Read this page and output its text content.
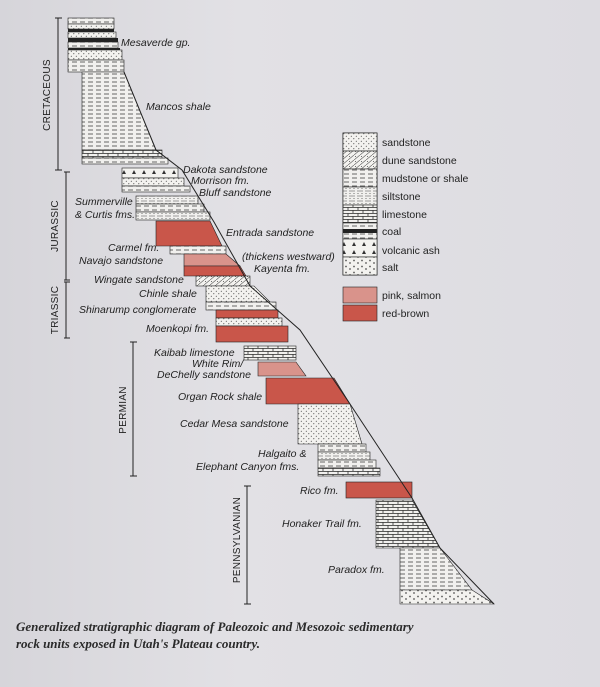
CRETACEOUS
JURASSIC
TRIASSIC
PERMIAN
PENNSYLVANIAN
Mesaverde gp.
Mancos shale
Dakota sandstone
Morrison fm.
Bluff sandstone
Summerville
& Curtis fms.
Entrada sandstone
Carmel fm.
Navajo sandstone	(thickens westward)
Kayenta fm.
Wingate sandstone
Chinle shale
Shinarump conglomerate
Moenkopi fm.
Kaibab limestone
White Rim/
DeChelly sandstone
Organ Rock shale
Cedar Mesa sandstone
Halgaito &
Elephant Canyon fms.
Rico fm.
Honaker Trail fm.
Paradox fm.
sandstone
dune sandstone
mudstone or shale
siltstone
limestone
coal
volcanic ash
salt
pink, salmon
red-brown
Generalized stratigraphic diagram of Paleozoic and Mesozoic sedimentary
rock units exposed in Utah's Plateau country.
